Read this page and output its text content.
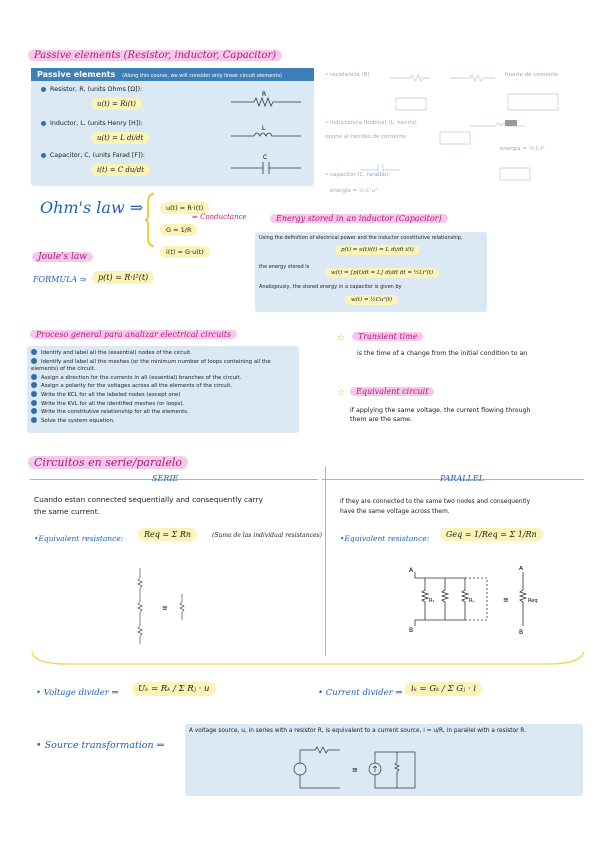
Passive elements (Resistor, inductor, Capacitor)
Passive elements (Along this course, we will consider only linear circuit elements)
Resistor, R, (units Ohms [Ω]):
u(t) = Ri(t)
Inductor, L, (units Henry [H]):
u(t) = L di/dt
Capacitor, C, (units Farad [F]):
i(t) = C du/dt
R
L
C
• resistencia (R)
• inductancia (bobina) (L, henrio)
opone al cambio de corriente
• capacitor (C, faradio)
energía = ½·C·u²
fuente de corriente
energía = ½·L·i²
Ohm's law ⇒	u(t) = R·i(t)
G = 1/R
i(t) = G·u(t)
⇒ Conductance
Joule's law
FORMULA ⇒	p(t) = R·i²(t)
Energy stored in an inductor (Capacitor)
Using the definition of electrical power and the inductor constitutive relationship,
p(t) = u(t)i(t) = L di/dt i(t)
the energy stored is
w(t) = ∫p(t)dt = L∫ di/dt dt = ½Li²(t)
Analogously, the stored energy in a capacitor is given by
w(t) = ½Cu²(t)
Proceso general para analizar electrical circuits
Identify and label all the (essential) nodes of the circuit.
Identify and label all the meshes (or the minimum number of loops containing all the elements) of the circuit.
Assign a direction for the currents in all (essential) branches of the circuit.
Assign a polarity for the voltages across all the elements of the circuit.
Write the KCL for all the labeled nodes (except one)
Write the KVL for all the identified meshes (or loops).
Write the constitutive relationship for all the elements.
Solve the system equation.
☆	Transient time
is the time of a change from the initial condition to an
☆	Equivalent circuit
if applying the same voltage, the current flowing through
them are the same.
Circuitos en serie/paralelo
SERIE	PARALLEL
Cuando estan connected sequentially and consequently carry
the same current.
if they are connected to the same two nodes and consequently
have the same voltage across them.
•Equivalent resistance:	Req = Σ Rn	(Suma de las individual resistances) •Equivalent resistance:	Geq = 1/Req = Σ 1/Rn
≡
A
B
R₁	Rₙ	≡
A
B
Req
• Voltage divider ⇒	Uₖ = Rₖ / Σ Rⱼ · u	• Current divider ⇒	iₖ = Gₖ / Σ Gⱼ · i
• Source transformation ⇒
A voltage source, u, in series with a resistor R, is equivalent to a current source, i = u/R, in parallel with a resistor R.
≡
